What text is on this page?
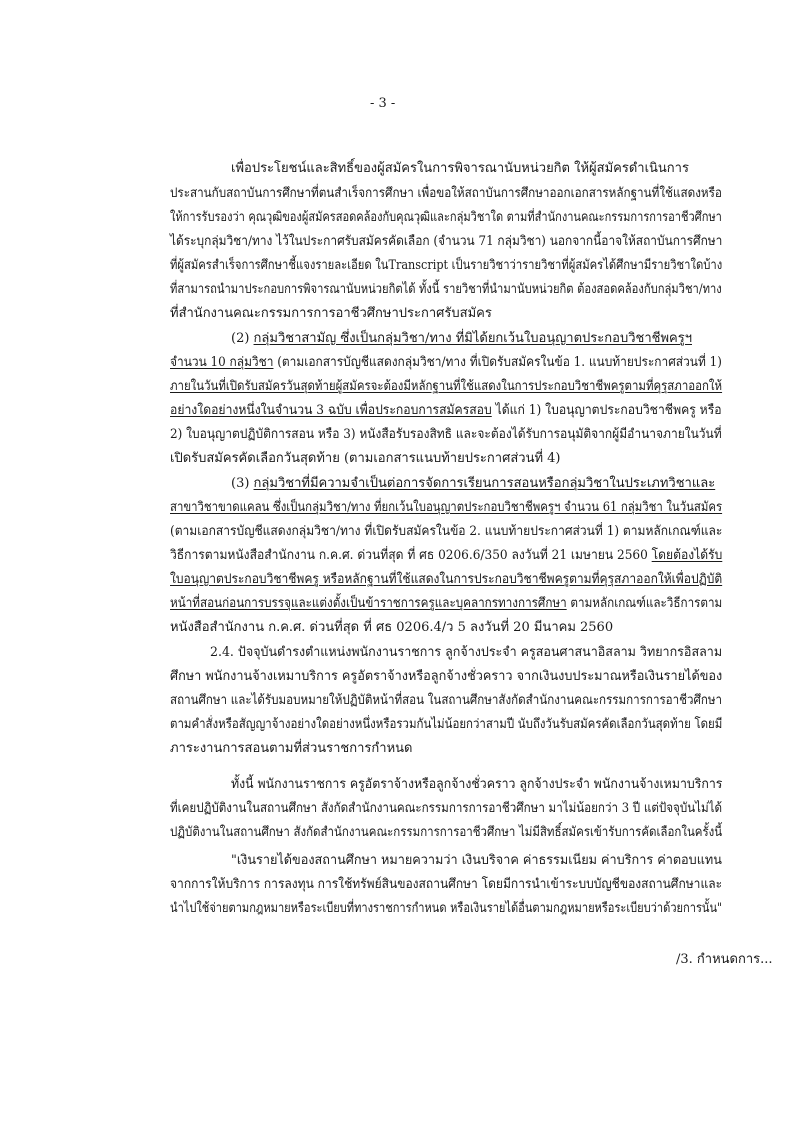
- 3 -
เพื่อประโยชน์และสิทธิ์ของผู้สมัครในการพิจารณานับหน่วยกิต ให้ผู้สมัครดำเนินการ
ประสานกับสถาบันการศึกษาที่ตนสำเร็จการศึกษา เพื่อขอให้สถาบันการศึกษาออกเอกสารหลักฐานที่ใช้แสดงหรือ
ให้การรับรองว่า คุณวุฒิของผู้สมัครสอดคล้องกับคุณวุฒิและกลุ่มวิชาใด ตามที่สำนักงานคณะกรรมการการอาชีวศึกษา
ได้ระบุกลุ่มวิชา/ทาง ไว้ในประกาศรับสมัครคัดเลือก (จำนวน 71 กลุ่มวิชา) นอกจากนี้อาจให้สถาบันการศึกษา
ที่ผู้สมัครสำเร็จการศึกษาชี้แจงรายละเอียด ในTranscript เป็นรายวิชาว่ารายวิชาที่ผู้สมัครได้ศึกษามีรายวิชาใดบ้าง
ที่สามารถนำมาประกอบการพิจารณานับหน่วยกิตได้ ทั้งนี้ รายวิชาที่นำมานับหน่วยกิต ต้องสอดคล้องกับกลุ่มวิชา/ทาง
ที่สำนักงานคณะกรรมการการอาชีวศึกษาประกาศรับสมัคร
(2) กลุ่มวิชาสามัญ ซึ่งเป็นกลุ่มวิชา/ทาง ที่มิได้ยกเว้นใบอนุญาตประกอบวิชาชีพครูฯ
จำนวน 10 กลุ่มวิชา (ตามเอกสารบัญชีแสดงกลุ่มวิชา/ทาง ที่เปิดรับสมัครในข้อ 1. แนบท้ายประกาศส่วนที่ 1)
ภายในวันที่เปิดรับสมัครวันสุดท้ายผู้สมัครจะต้องมีหลักฐานที่ใช้แสดงในการประกอบวิชาชีพครูตามที่คุรุสภาออกให้
อย่างใดอย่างหนึ่งในจำนวน 3 ฉบับ เพื่อประกอบการสมัครสอบ ได้แก่ 1) ใบอนุญาตประกอบวิชาชีพครู หรือ
2) ใบอนุญาตปฏิบัติการสอน หรือ 3) หนังสือรับรองสิทธิ และจะต้องได้รับการอนุมัติจากผู้มีอำนาจภายในวันที่
เปิดรับสมัครคัดเลือกวันสุดท้าย (ตามเอกสารแนบท้ายประกาศส่วนที่ 4)
(3) กลุ่มวิชาที่มีความจำเป็นต่อการจัดการเรียนการสอนหรือกลุ่มวิชาในประเภทวิชาและ
สาขาวิชาขาดแคลน ซึ่งเป็นกลุ่มวิชา/ทาง ที่ยกเว้นใบอนุญาตประกอบวิชาชีพครูฯ จำนวน 61 กลุ่มวิชา ในวันสมัคร
(ตามเอกสารบัญชีแสดงกลุ่มวิชา/ทาง ที่เปิดรับสมัครในข้อ 2. แนบท้ายประกาศส่วนที่ 1) ตามหลักเกณฑ์และ
วิธีการตามหนังสือสำนักงาน ก.ค.ศ. ด่วนที่สุด ที่ ศธ 0206.6/350 ลงวันที่ 21 เมษายน 2560 โดยต้องได้รับ
ใบอนุญาตประกอบวิชาชีพครู หรือหลักฐานที่ใช้แสดงในการประกอบวิชาชีพครูตามที่คุรุสภาออกให้เพื่อปฏิบัติ
หน้าที่สอนก่อนการบรรจุและแต่งตั้งเป็นข้าราชการครูและบุคลากรทางการศึกษา ตามหลักเกณฑ์และวิธีการตาม
หนังสือสำนักงาน ก.ค.ศ. ด่วนที่สุด ที่ ศธ 0206.4/ว 5 ลงวันที่ 20 มีนาคม 2560
2.4. ปัจจุบันดำรงตำแหน่งพนักงานราชการ ลูกจ้างประจำ ครูสอนศาสนาอิสลาม วิทยากรอิสลาม
ศึกษา พนักงานจ้างเหมาบริการ ครูอัตราจ้างหรือลูกจ้างชั่วคราว จากเงินงบประมาณหรือเงินรายได้ของ
สถานศึกษา และได้รับมอบหมายให้ปฏิบัติหน้าที่สอน ในสถานศึกษาสังกัดสำนักงานคณะกรรมการการอาชีวศึกษา
ตามคำสั่งหรือสัญญาจ้างอย่างใดอย่างหนึ่งหรือรวมกันไม่น้อยกว่าสามปี นับถึงวันรับสมัครคัดเลือกวันสุดท้าย โดยมี
ภาระงานการสอนตามที่ส่วนราชการกำหนด
ทั้งนี้ พนักงานราชการ ครูอัตราจ้างหรือลูกจ้างชั่วคราว ลูกจ้างประจำ พนักงานจ้างเหมาบริการ
ที่เคยปฏิบัติงานในสถานศึกษา สังกัดสำนักงานคณะกรรมการการอาชีวศึกษา มาไม่น้อยกว่า 3 ปี แต่ปัจจุบันไม่ได้
ปฏิบัติงานในสถานศึกษา สังกัดสำนักงานคณะกรรมการการอาชีวศึกษา ไม่มีสิทธิ์สมัครเข้ารับการคัดเลือกในครั้งนี้
"เงินรายได้ของสถานศึกษา หมายความว่า เงินบริจาค ค่าธรรมเนียม ค่าบริการ ค่าตอบแทน
จากการให้บริการ การลงทุน การใช้ทรัพย์สินของสถานศึกษา โดยมีการนำเข้าระบบบัญชีของสถานศึกษาและ
นำไปใช้จ่ายตามกฎหมายหรือระเบียบที่ทางราชการกำหนด หรือเงินรายได้อื่นตามกฎหมายหรือระเบียบว่าด้วยการนั้น"
/3. กำหนดการ...
